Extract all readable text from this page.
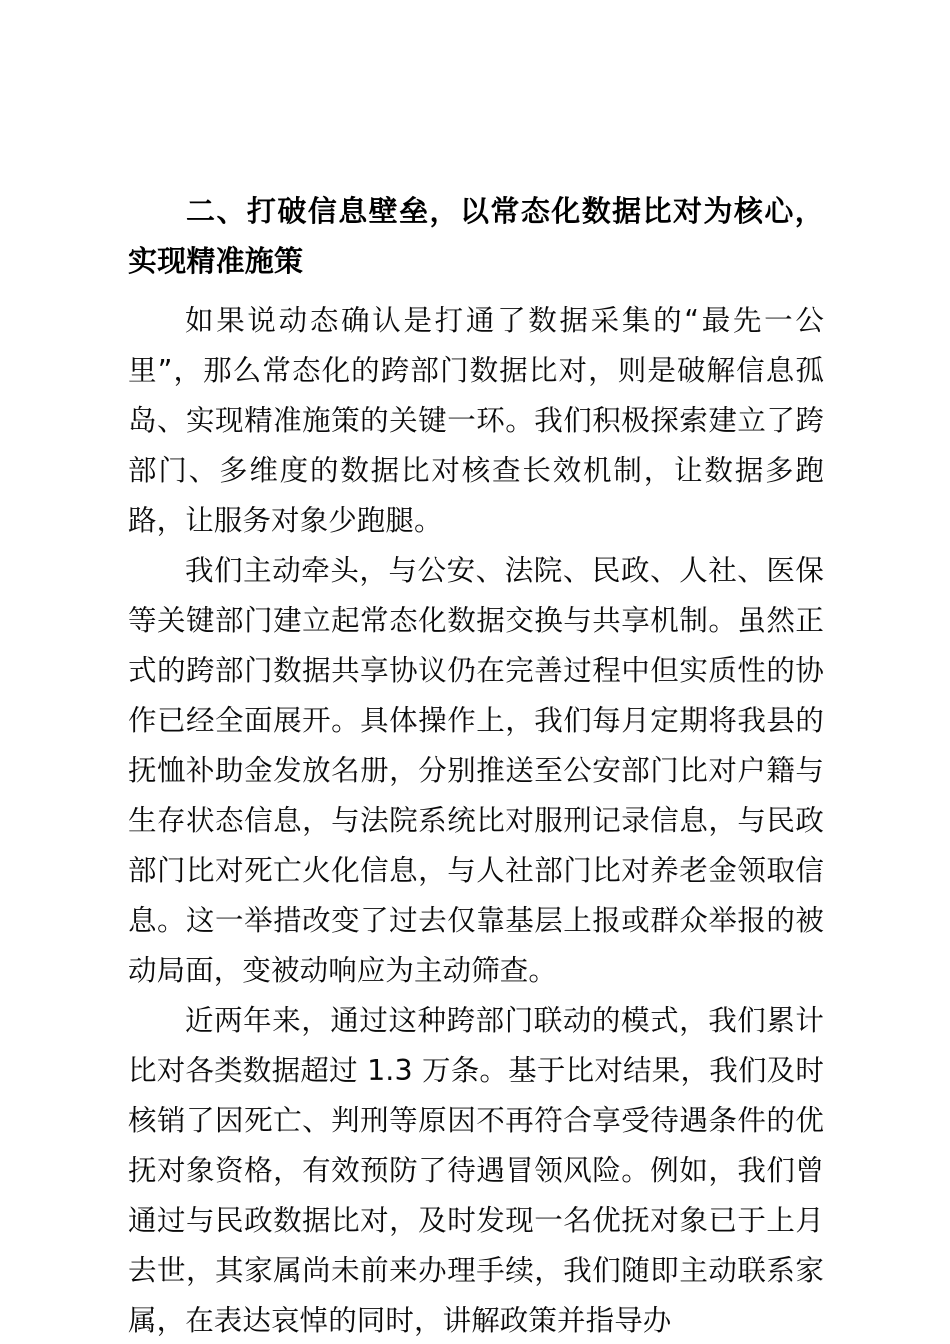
二、打破信息壁垒，以常态化数据比对为核心，实现精准施策

如果说动态确认是打通了数据采集的“最先一公里”，那么常态化的跨部门数据比对，则是破解信息孤岛、实现精准施策的关键一环。我们积极探索建立了跨部门、多维度的数据比对核查长效机制，让数据多跑路，让服务对象少跑腿。

我们主动牵头，与公安、法院、民政、人社、医保等关键部门建立起常态化数据交换与共享机制。虽然正式的跨部门数据共享协议仍在完善过程中但实质性的协作已经全面展开。具体操作上，我们每月定期将我县的抚恤补助金发放名册，分别推送至公安部门比对户籍与生存状态信息，与法院系统比对服刑记录信息，与民政部门比对死亡火化信息，与人社部门比对养老金领取信息。这一举措改变了过去仅靠基层上报或群众举报的被动局面，变被动响应为主动筛查。

近两年来，通过这种跨部门联动的模式，我们累计比对各类数据超过 1.3 万条。基于比对结果，我们及时核销了因死亡、判刑等原因不再符合享受待遇条件的优抚对象资格，有效预防了待遇冒领风险。例如，我们曾通过与民政数据比对，及时发现一名优抚对象已于上月去世，其家属尚未前来办理手续，我们随即主动联系家属，在表达哀悼的同时，讲解政策并指导办
